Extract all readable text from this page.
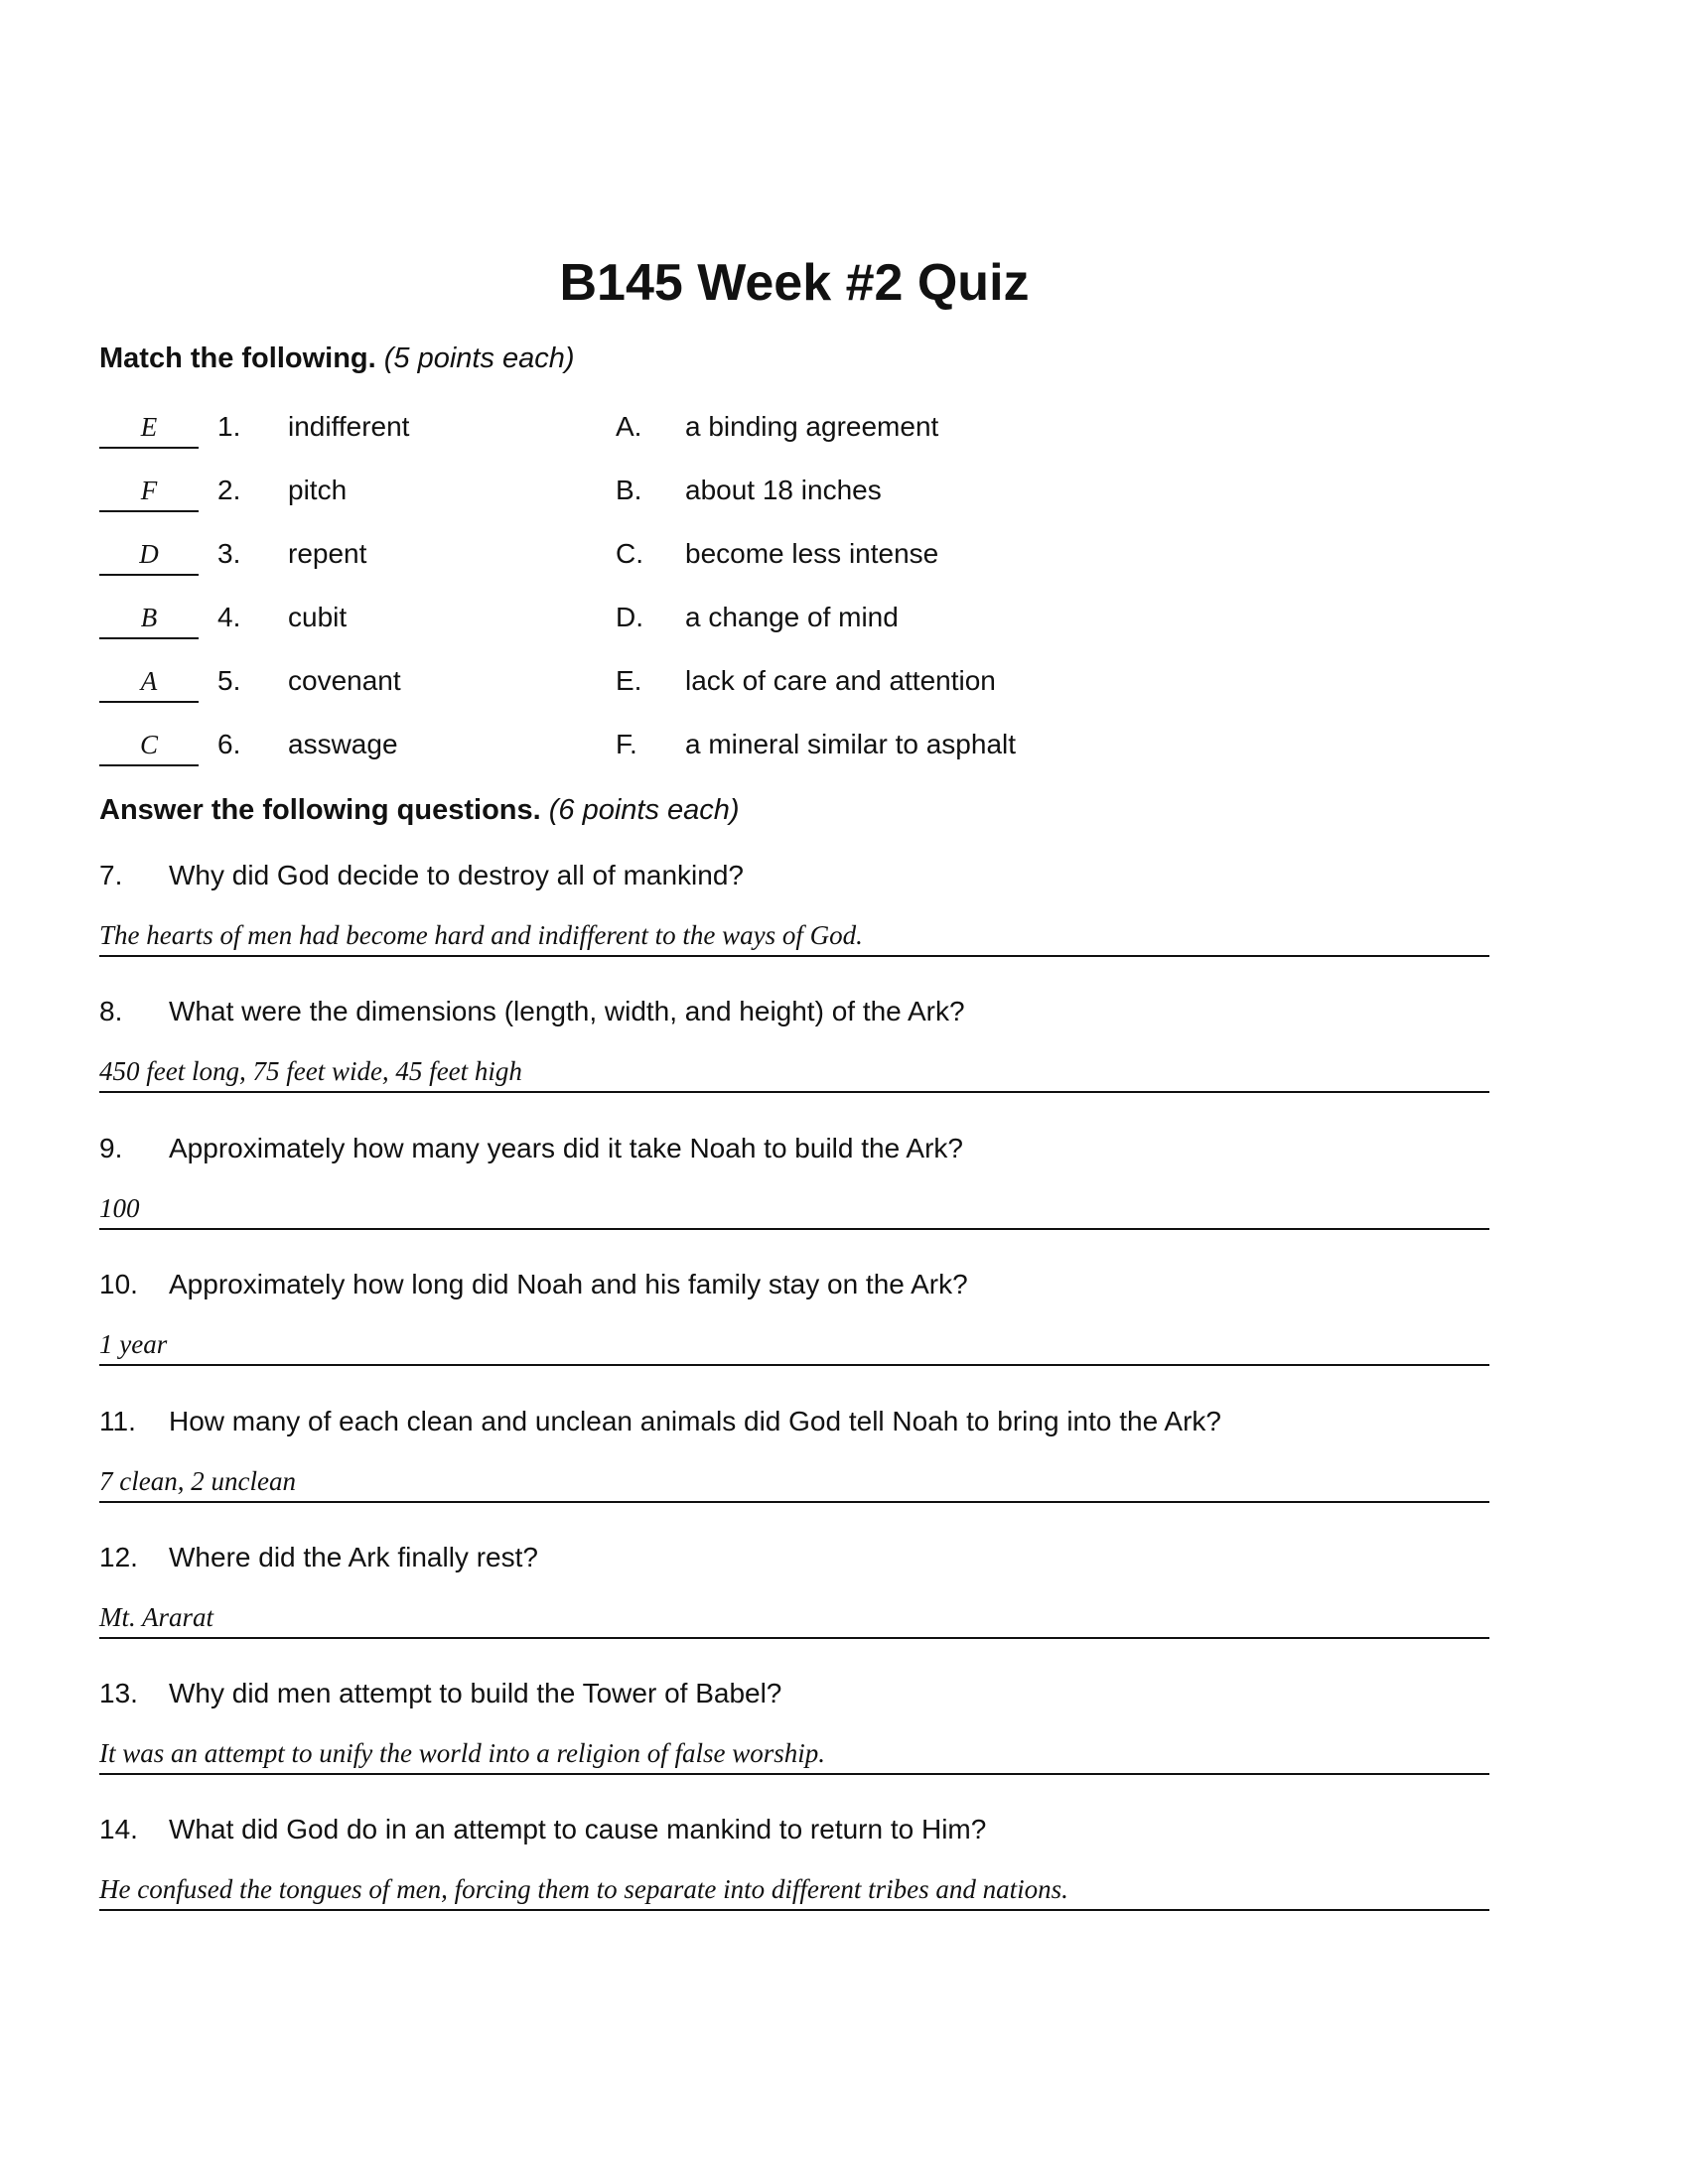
B145 Week #2 Quiz
Match the following. (5 points each)
E	1. indifferent	A. a binding agreement
F	2. pitch	B. about 18 inches
D	3. repent	C. become less intense
B	4. cubit	D. a change of mind
A	5. covenant	E. lack of care and attention
C	6. asswage	F. a mineral similar to asphalt
Answer the following questions. (6 points each)
7. Why did God decide to destroy all of mankind?
The hearts of men had become hard and indifferent to the ways of God.
8. What were the dimensions (length, width, and height) of the Ark?
450 feet long, 75 feet wide, 45 feet high
9. Approximately how many years did it take Noah to build the Ark?
100
10. Approximately how long did Noah and his family stay on the Ark?
1 year
11. How many of each clean and unclean animals did God tell Noah to bring into the Ark?
7 clean, 2 unclean
12. Where did the Ark finally rest?
Mt. Ararat
13. Why did men attempt to build the Tower of Babel?
It was an attempt to unify the world into a religion of false worship.
14. What did God do in an attempt to cause mankind to return to Him?
He confused the tongues of men, forcing them to separate into different tribes and nations.
